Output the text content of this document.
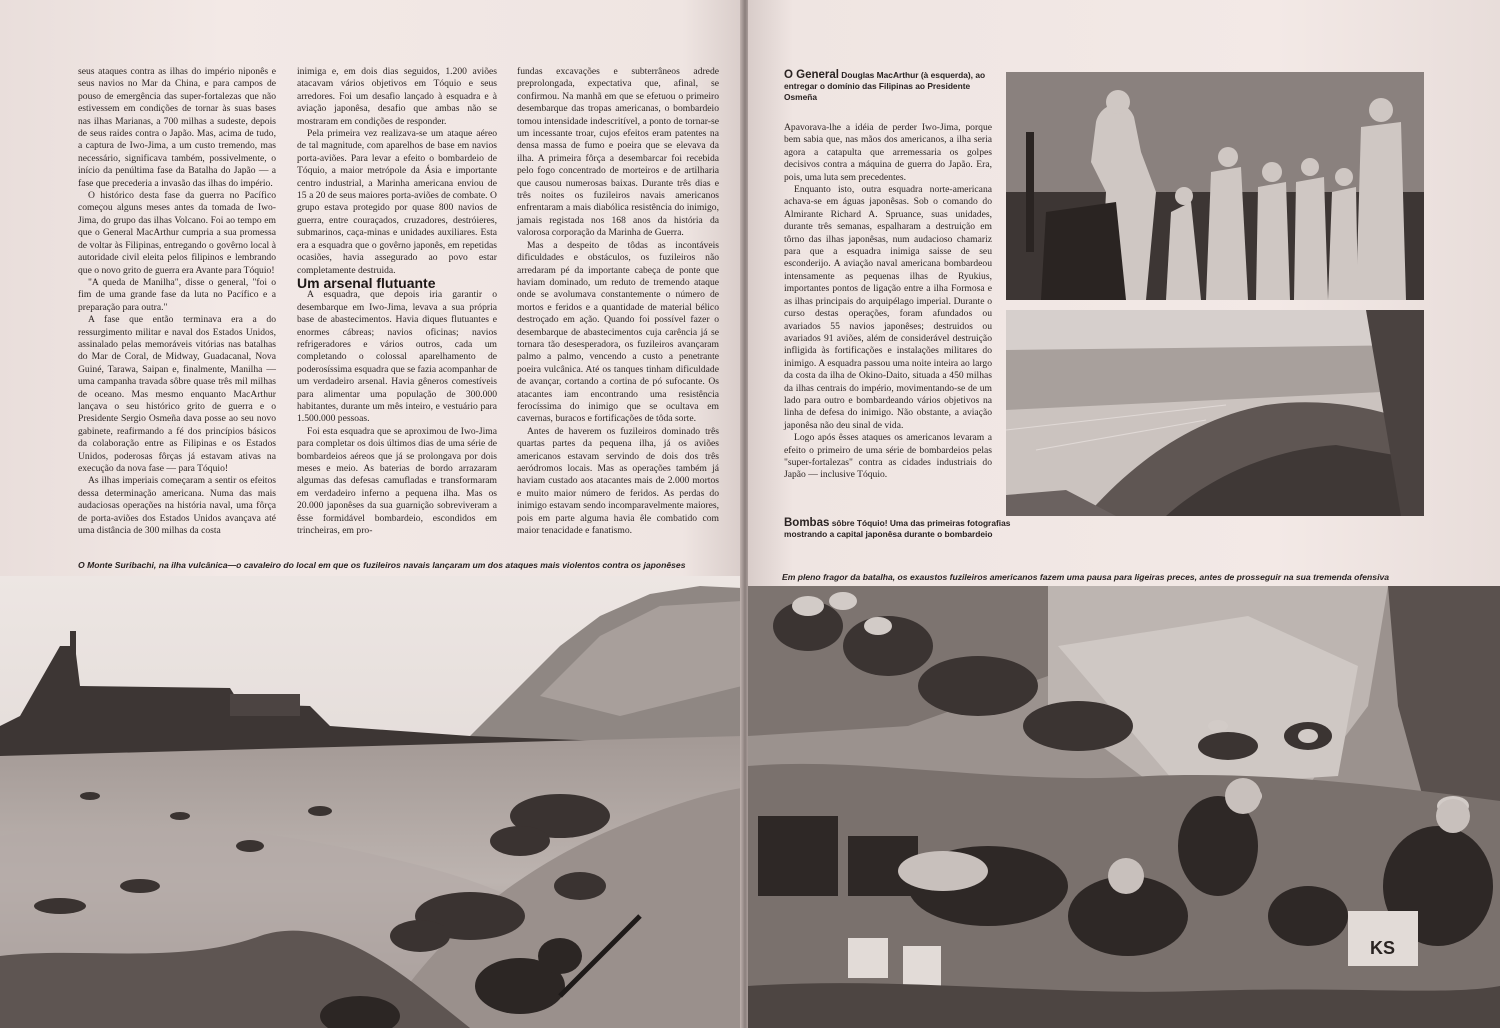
seus ataques contra as ilhas do império niponês e seus navios no Mar da China, e para campos de pouso de emergência das super-fortalezas que não estivessem em condições de tornar às suas bases nas ilhas Marianas, a 700 milhas a sudeste, depois de seus raides contra o Japão. Mas, acima de tudo, a captura de Iwo-Jima, a um custo tremendo, mas necessário, significava também, possivelmente, o início da penúltima fase da Batalha do Japão — a fase que precederia a invasão das ilhas do império.

O histórico desta fase da guerra no Pacífico começou alguns meses antes da tomada de Iwo-Jima, do grupo das ilhas Volcano. Foi ao tempo em que o General MacArthur cumpria a sua promessa de voltar às Filipinas, entregando o govêrno local à autoridade civil eleita pelos filipinos e lembrando que o novo grito de guerra era Avante para Tóquio!

"A queda de Manilha", disse o general, "foi o fim de uma grande fase da luta no Pacífico e a preparação para outra."

A fase que então terminava era a do ressurgimento militar e naval dos Estados Unidos, assinalado pelas memoráveis vitórias nas batalhas do Mar de Coral, de Midway, Guadacanal, Nova Guiné, Tarawa, Saipan e, finalmente, Manilha — uma campanha travada sôbre quase três mil milhas de oceano. Mas mesmo enquanto MacArthur lançava o seu histórico grito de guerra e o Presidente Sergio Osmeña dava posse ao seu novo gabinete, reafirmando a fé dos princípios básicos da colaboração entre as Filipinas e os Estados Unidos, poderosas fôrças já estavam ativas na execução da nova fase — para Tóquio!

As ilhas imperiais começaram a sentir os efeitos dessa determinação americana. Numa das mais audaciosas operações na história naval, uma fôrça de porta-aviões dos Estados Unidos avançava até uma distância de 300 milhas da costa

inimiga e, em dois dias seguidos, 1.200 aviões atacavam vários objetivos em Tóquio e seus arredores. Foi um desafio lançado à esquadra e à aviação japonêsa, desafio que ambas não se mostraram em condições de responder.

Pela primeira vez realizava-se um ataque aéreo de tal magnitude, com aparelhos de base em navios porta-aviões. Para levar a efeito o bombardeio de Tóquio, a maior metrópole da Ásia e importante centro industrial, a Marinha americana enviou de 15 a 20 de seus maiores porta-aviões de combate. O grupo estava protegido por quase 800 navios de guerra, entre couraçados, cruzadores, destróieres, submarinos, caça-minas e unidades auxiliares. Esta era a esquadra que o govêrno japonês, em repetidas ocasiões, havia assegurado ao povo estar completamente destruida.

Um arsenal flutuante

A esquadra, que depois iria garantir o desembarque em Iwo-Jima, levava a sua própria base de abastecimentos. Havia diques flutuantes e enormes cábreas; navios oficinas; navios refrigeradores e vários outros, cada um completando o colossal aparelhamento de poderosíssima esquadra que se fazia acompanhar de um verdadeiro arsenal. Havia gêneros comestíveis para alimentar uma população de 300.000 habitantes, durante um mês inteiro, e vestuário para 1.500.000 pessoas.

Foi esta esquadra que se aproximou de Iwo-Jima para completar os dois últimos dias de uma série de bombardeios aéreos que já se prolongava por dois meses e meio. As baterias de bordo arrazaram algumas das defesas camufladas e transformaram em verdadeiro inferno a pequena ilha. Mas os 20.000 japonêses da sua guarnição sobreviveram a êsse formidável bombardeio, escondidos em trincheiras, em pro-

fundas excavações e subterrâneos adrede preprolongada, expectativa que, afinal, se confirmou. Na manhã em que se efetuou o primeiro desembarque das tropas americanas, o bombardeio tomou intensidade indescritível, a ponto de tornar-se um incessante troar, cujos efeitos eram patentes na densa massa de fumo e poeira que se elevava da ilha. A primeira fôrça a desembarcar foi recebida pelo fogo concentrado de morteiros e de artilharia que causou numerosas baixas. Durante três dias e três noites os fuzileiros navais americanos enfrentaram a mais diabólica resistência do inimigo, jamais registada nos 168 anos da história da valorosa corporação da Marinha de Guerra.

Mas a despeito de tôdas as incontáveis dificuldades e obstáculos, os fuzileiros não arredaram pé da importante cabeça de ponte que haviam dominado, um reduto de tremendo ataque onde se avolumava constantemente o número de mortos e feridos e a quantidade de material bélico destroçado em ação. Quando foi possível fazer o desembarque de abastecimentos cuja carência já se tornara tão desesperadora, os fuzileiros avançaram palmo a palmo, vencendo a custo a penetrante poeira vulcânica. Até os tanques tinham dificuldade de avançar, cortando a cortina de pó sufocante. Os atacantes iam encontrando uma resistência ferocíssima do inimigo que se ocultava em cavernas, buracos e fortificações de tôda sorte.

Antes de haverem os fuzileiros dominado três quartas partes da pequena ilha, já os aviões americanos estavam servindo de dois dos três aeródromos locais. Mas as operações também já haviam custado aos atacantes mais de 2.000 mortos e muito maior número de feridos. As perdas do inimigo estavam sendo incomparavelmente maiores, pois em parte alguma havia êle combatido com maior tenacidade e fanatismo.

O Monte Suribachi, na ilha vulcânica—o cavaleiro do local em que os fuzileiros navais lançaram um dos ataques mais violentos contra os japonêses
O General Douglas MacArthur (à esquerda), ao entregar o domínio das Filipinas ao Presidente Osmeña

Apavorava-lhe a idéia de perder Iwo-Jima, porque bem sabia que, nas mãos dos americanos, a ilha seria agora a catapulta que arremessaria os golpes decisivos contra a máquina de guerra do Japão. Era, pois, uma luta sem precedentes.

Enquanto isto, outra esquadra norte-americana achava-se em águas japonêsas. Sob o comando do Almirante Richard A. Spruance, suas unidades, durante três semanas, espalharam a destruição em tôrno das ilhas japonêsas, num audacioso chamariz para que a esquadra inimiga saisse de seu esconderijo. A aviação naval americana bombardeou intensamente as pequenas ilhas de Ryukius, importantes pontos de ligação entre a ilha Formosa e as ilhas principais do arquipélago imperial. Durante o curso destas operações, foram afundados ou avariados 55 navios japonêses; destruidos ou avariados 91 aviões, além de considerável destruição infligida às fortificações e instalações militares do inimigo. A esquadra passou uma noite inteira ao largo da costa da ilha de Okino-Daito, situada a 450 milhas da ilhas centrais do império, movimentando-se de um lado para outro e bombardeando vários objetivos na linha de defesa do inimigo. Não obstante, a aviação japonêsa não deu sinal de vida.

Logo após êsses ataques os americanos levaram a efeito o primeiro de uma série de bombardeios pelas "super-fortalezas" contra as cidades industriais do Japão — inclusive Tóquio.

Bombas sôbre Tóquio! Uma das primeiras fotografias mostrando a capital japonêsa durante o bombardeio
Em pleno fragor da batalha, os exaustos fuzileiros americanos fazem uma pausa para ligeiras preces, antes de prosseguir na sua tremenda ofensiva
KS
